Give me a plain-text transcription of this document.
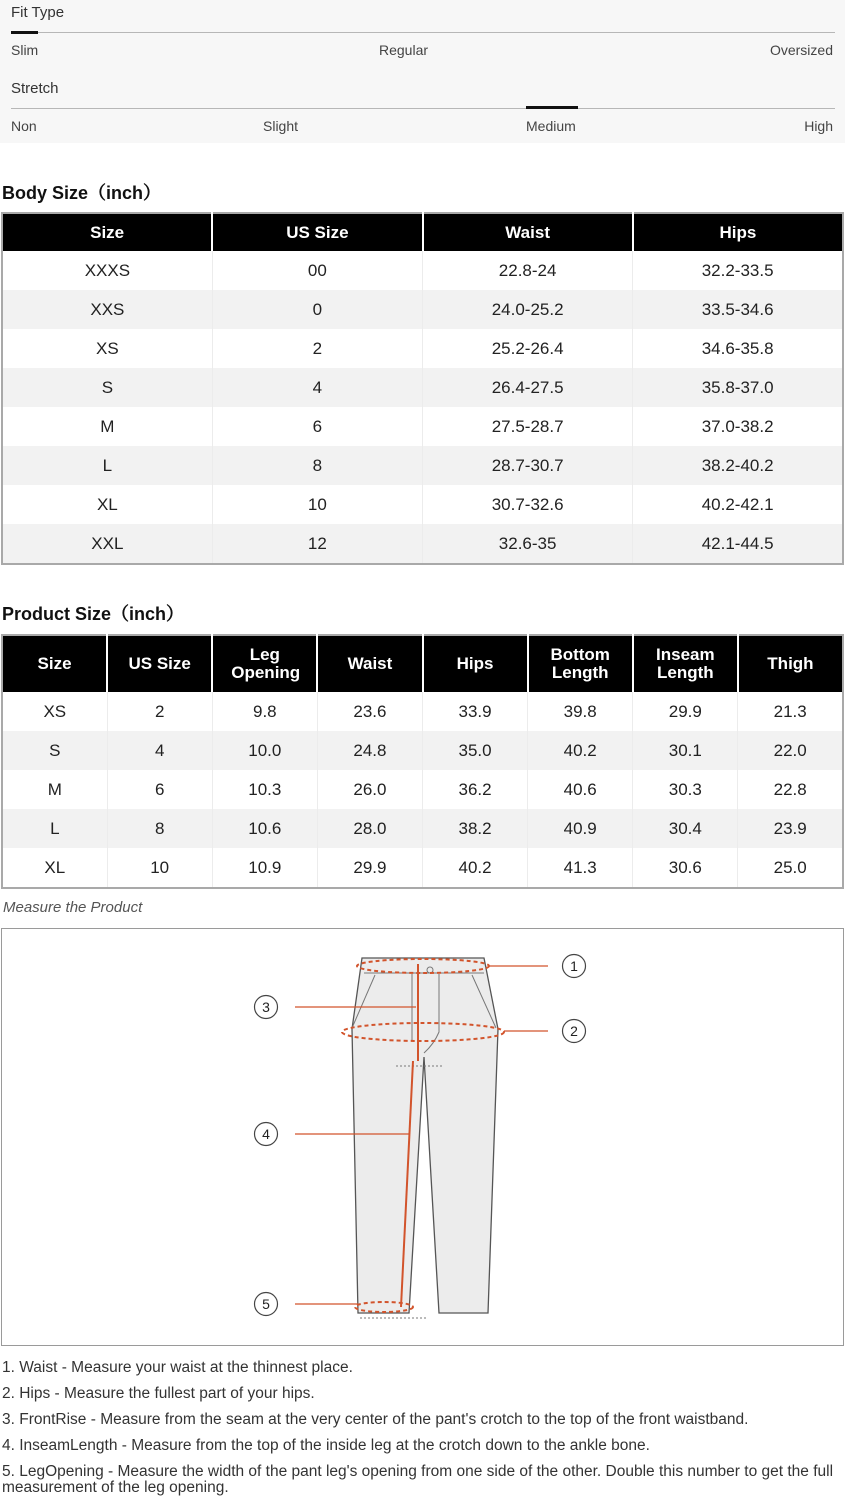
Fit Type
Slim	Regular	Oversized
Stretch
Non	Slight	Medium	High
Body Size（inch）
Size	US Size	Waist	Hips
XXXS	00	22.8-24	32.2-33.5
XXS	0	24.0-25.2	33.5-34.6
XS	2	25.2-26.4	34.6-35.8
S	4	26.4-27.5	35.8-37.0
M	6	27.5-28.7	37.0-38.2
L	8	28.7-30.7	38.2-40.2
XL	10	30.7-32.6	40.2-42.1
XXL	12	32.6-35	42.1-44.5
Product Size（inch）
Size	US Size	Leg Opening	Waist	Hips	Bottom Length	Inseam Length	Thigh
XS	2	9.8	23.6	33.9	39.8	29.9	21.3
S	4	10.0	24.8	35.0	40.2	30.1	22.0
M	6	10.3	26.0	36.2	40.6	30.3	22.8
L	8	10.6	28.0	38.2	40.9	30.4	23.9
XL	10	10.9	29.9	40.2	41.3	30.6	25.0
Measure the Product
1
2
3
4
5

1. Waist - Measure your waist at the thinnest place.

2. Hips - Measure the fullest part of your hips.

3. FrontRise - Measure from the seam at the very center of the pant's crotch to the top of the front waistband.

4. InseamLength - Measure from the top of the inside leg at the crotch down to the ankle bone.

5. LegOpening - Measure the width of the pant leg's opening from one side of the other. Double this number to get the full measurement of the leg opening.
